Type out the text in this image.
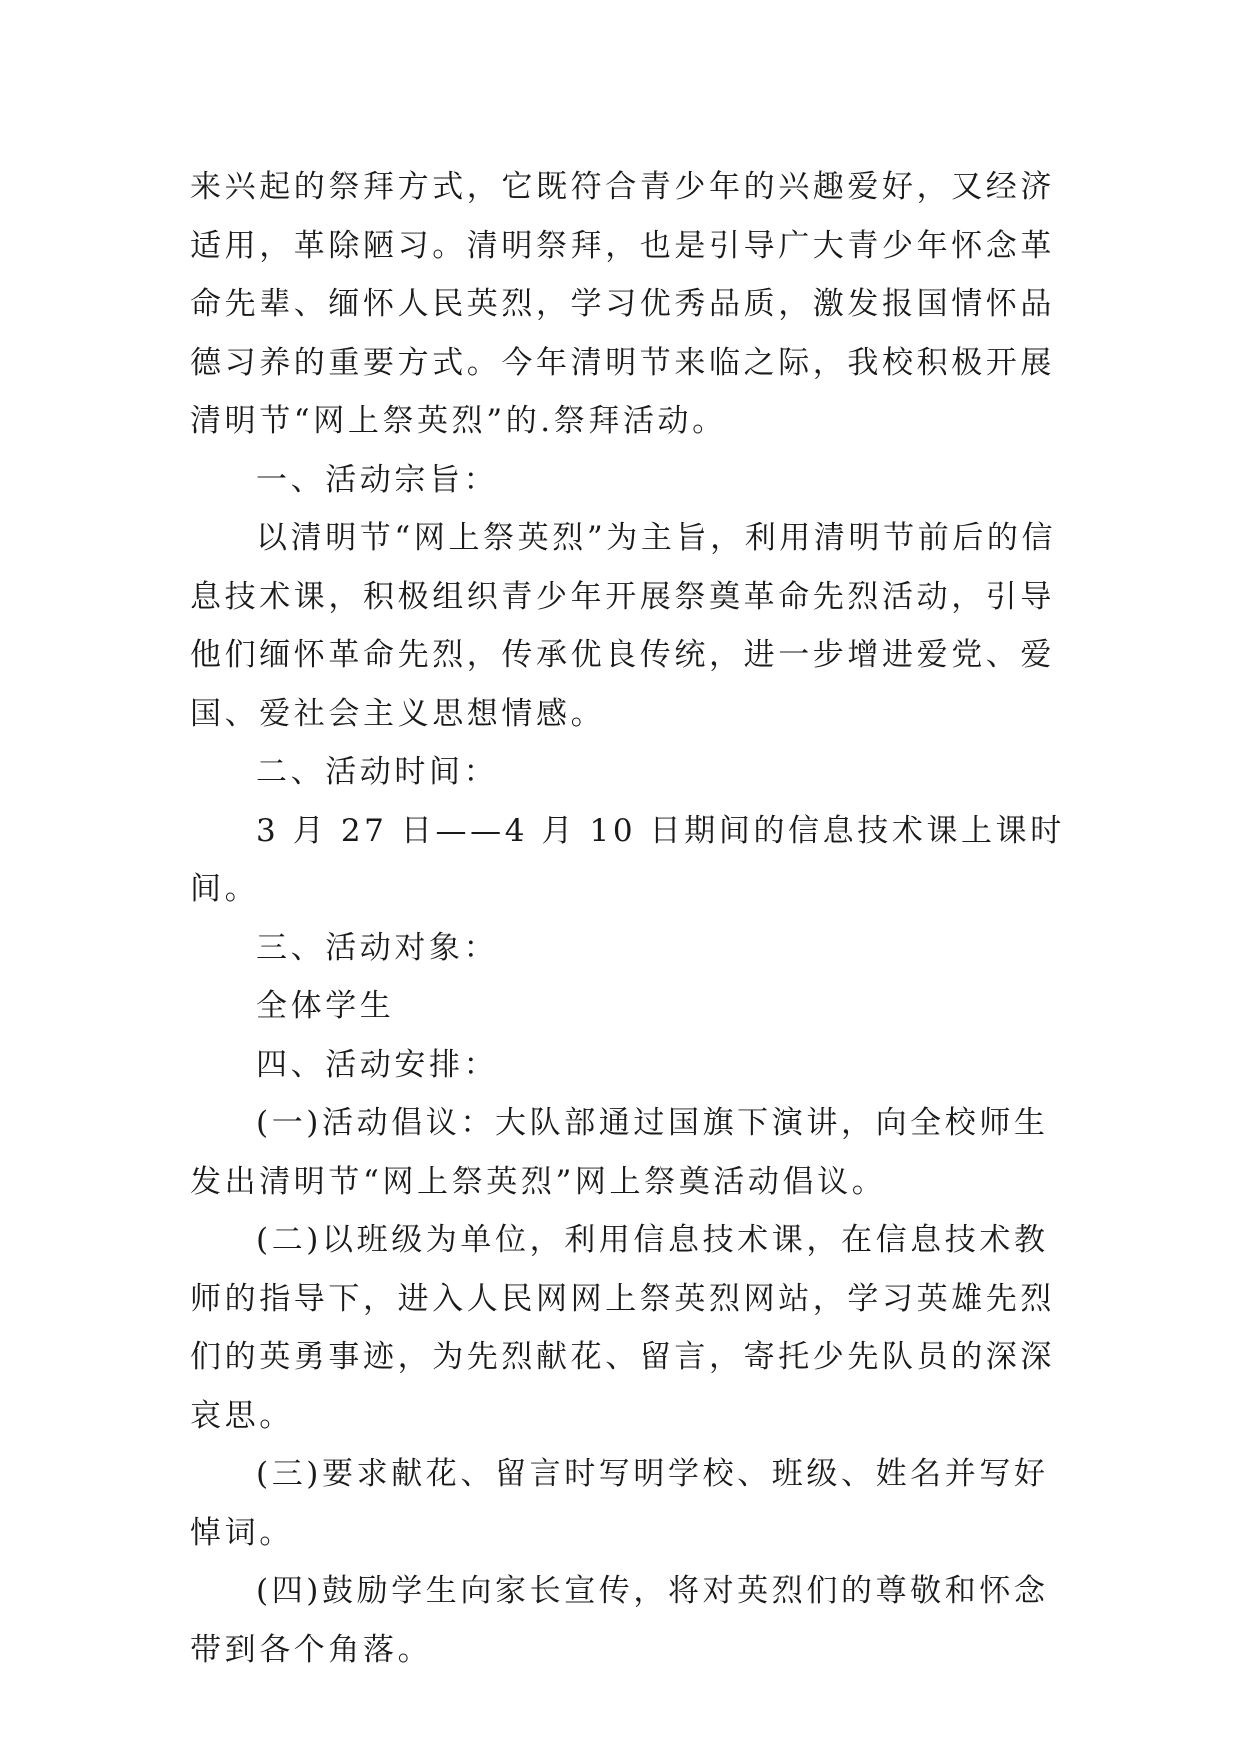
来兴起的祭拜方式，它既符合青少年的兴趣爱好，又经济适用，革除陋习。清明祭拜，也是引导广大青少年怀念革命先辈、缅怀人民英烈，学习优秀品质，激发报国情怀品德习养的重要方式。今年清明节来临之际，我校积极开展清明节“网上祭英烈”的.祭拜活动。

一、活动宗旨：

以清明节“网上祭英烈”为主旨，利用清明节前后的信息技术课，积极组织青少年开展祭奠革命先烈活动，引导他们缅怀革命先烈，传承优良传统，进一步增进爱党、爱国、爱社会主义思想情感。

二、活动时间：

3 月 27 日——4 月 10 日期间的信息技术课上课时间。

三、活动对象：

全体学生

四、活动安排：

(一)活动倡议：大队部通过国旗下演讲，向全校师生发出清明节“网上祭英烈”网上祭奠活动倡议。

(二)以班级为单位，利用信息技术课，在信息技术教师的指导下，进入人民网网上祭英烈网站，学习英雄先烈们的英勇事迹，为先烈献花、留言，寄托少先队员的深深哀思。

(三)要求献花、留言时写明学校、班级、姓名并写好悼词。

(四)鼓励学生向家长宣传，将对英烈们的尊敬和怀念带到各个角落。
